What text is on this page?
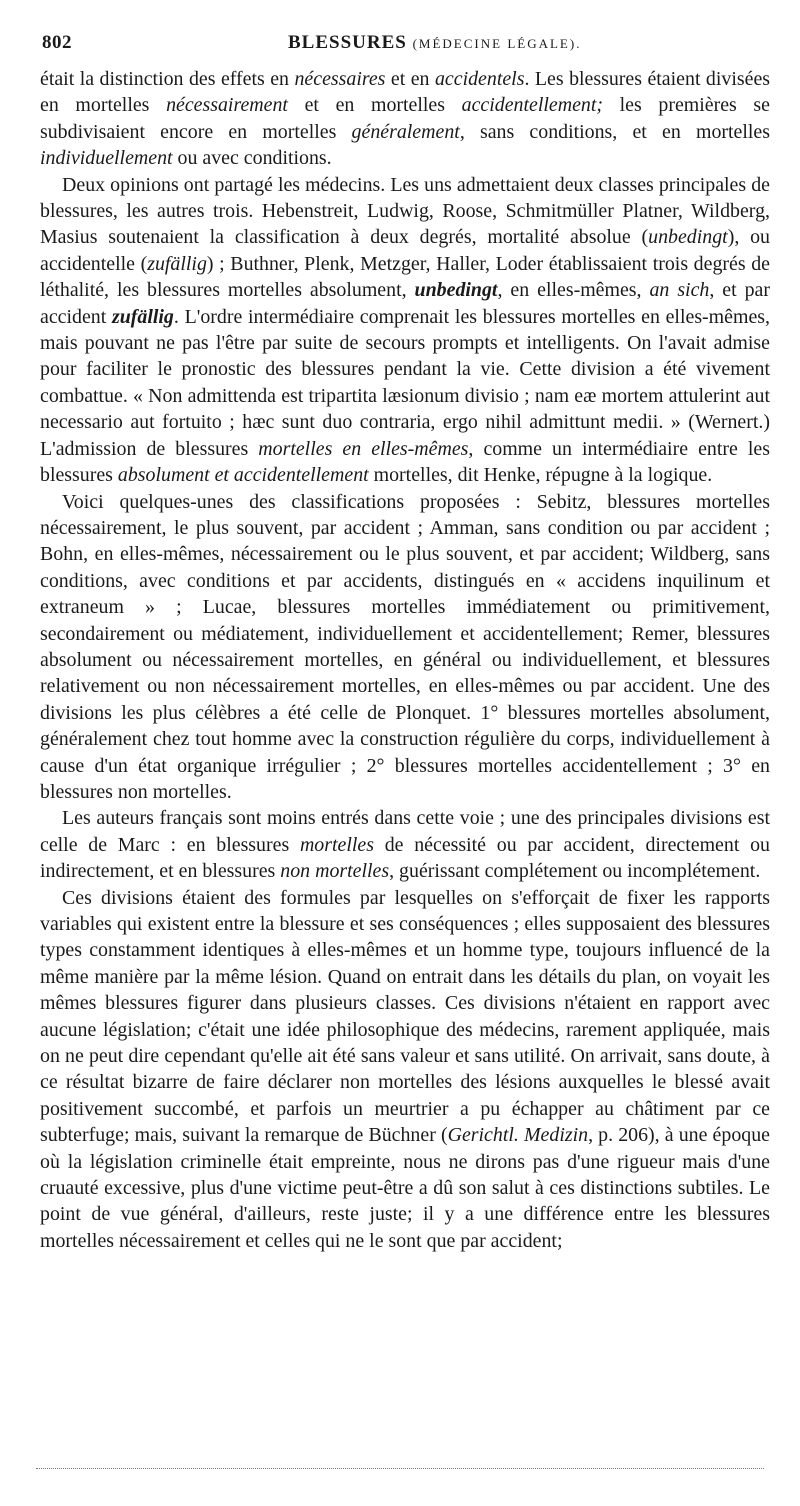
802	BLESSURES (MÉDECINE LÉGALE).

était la distinction des effets en nécessaires et en accidentels. Les blessures étaient divisées en mortelles nécessairement et en mortelles accidentellement; les premières se subdivisaient encore en mortelles généralement, sans conditions, et en mortelles individuellement ou avec conditions.

Deux opinions ont partagé les médecins. Les uns admettaient deux classes principales de blessures, les autres trois. Hebenstreit, Ludwig, Roose, Schmitmüller Platner, Wildberg, Masius soutenaient la classification à deux degrés, mortalité absolue (unbedingt), ou accidentelle (zufällig) ; Buthner, Plenk, Metzger, Haller, Loder établissaient trois degrés de léthalité, les blessures mortelles absolument, unbedingt, en elles-mêmes, an sich, et par accident zufällig. L'ordre intermédiaire comprenait les blessures mortelles en elles-mêmes, mais pouvant ne pas l'être par suite de secours prompts et intelligents. On l'avait admise pour faciliter le pronostic des blessures pendant la vie. Cette division a été vivement combattue. « Non admittenda est tripartita læsionum divisio ; nam eæ mortem attulerint aut necessario aut fortuito ; hæc sunt duo contraria, ergo nihil admittunt medii. » (Wernert.) L'admission de blessures mortelles en elles-mêmes, comme un intermédiaire entre les blessures absolument et accidentellement mortelles, dit Henke, répugne à la logique.

Voici quelques-unes des classifications proposées : Sebitz, blessures mortelles nécessairement, le plus souvent, par accident ; Amman, sans condition ou par accident ; Bohn, en elles-mêmes, nécessairement ou le plus souvent, et par accident; Wildberg, sans conditions, avec conditions et par accidents, distingués en « accidens inquilinum et extraneum » ; Lucae, blessures mortelles immédiatement ou primitivement, secondairement ou médiatement, individuellement et accidentellement; Remer, blessures absolument ou nécessairement mortelles, en général ou individuellement, et blessures relativement ou non nécessairement mortelles, en elles-mêmes ou par accident. Une des divisions les plus célèbres a été celle de Plonquet. 1° blessures mortelles absolument, généralement chez tout homme avec la construction régulière du corps, individuellement à cause d'un état organique irrégulier ; 2° blessures mortelles accidentellement ; 3° en blessures non mortelles.

Les auteurs français sont moins entrés dans cette voie ; une des principales divisions est celle de Marc : en blessures mortelles de nécessité ou par accident, directement ou indirectement, et en blessures non mortelles, guérissant complétement ou incomplétement.

Ces divisions étaient des formules par lesquelles on s'efforçait de fixer les rapports variables qui existent entre la blessure et ses conséquences ; elles supposaient des blessures types constamment identiques à elles-mêmes et un homme type, toujours influencé de la même manière par la même lésion. Quand on entrait dans les détails du plan, on voyait les mêmes blessures figurer dans plusieurs classes. Ces divisions n'étaient en rapport avec aucune législation; c'était une idée philosophique des médecins, rarement appliquée, mais on ne peut dire cependant qu'elle ait été sans valeur et sans utilité. On arrivait, sans doute, à ce résultat bizarre de faire déclarer non mortelles des lésions auxquelles le blessé avait positivement succombé, et parfois un meurtrier a pu échapper au châtiment par ce subterfuge; mais, suivant la remarque de Büchner (Gerichtl. Medizin, p. 206), à une époque où la législation criminelle était empreinte, nous ne dirons pas d'une rigueur mais d'une cruauté excessive, plus d'une victime peut-être a dû son salut à ces distinctions subtiles. Le point de vue général, d'ailleurs, reste juste; il y a une différence entre les blessures mortelles nécessairement et celles qui ne le sont que par accident;
